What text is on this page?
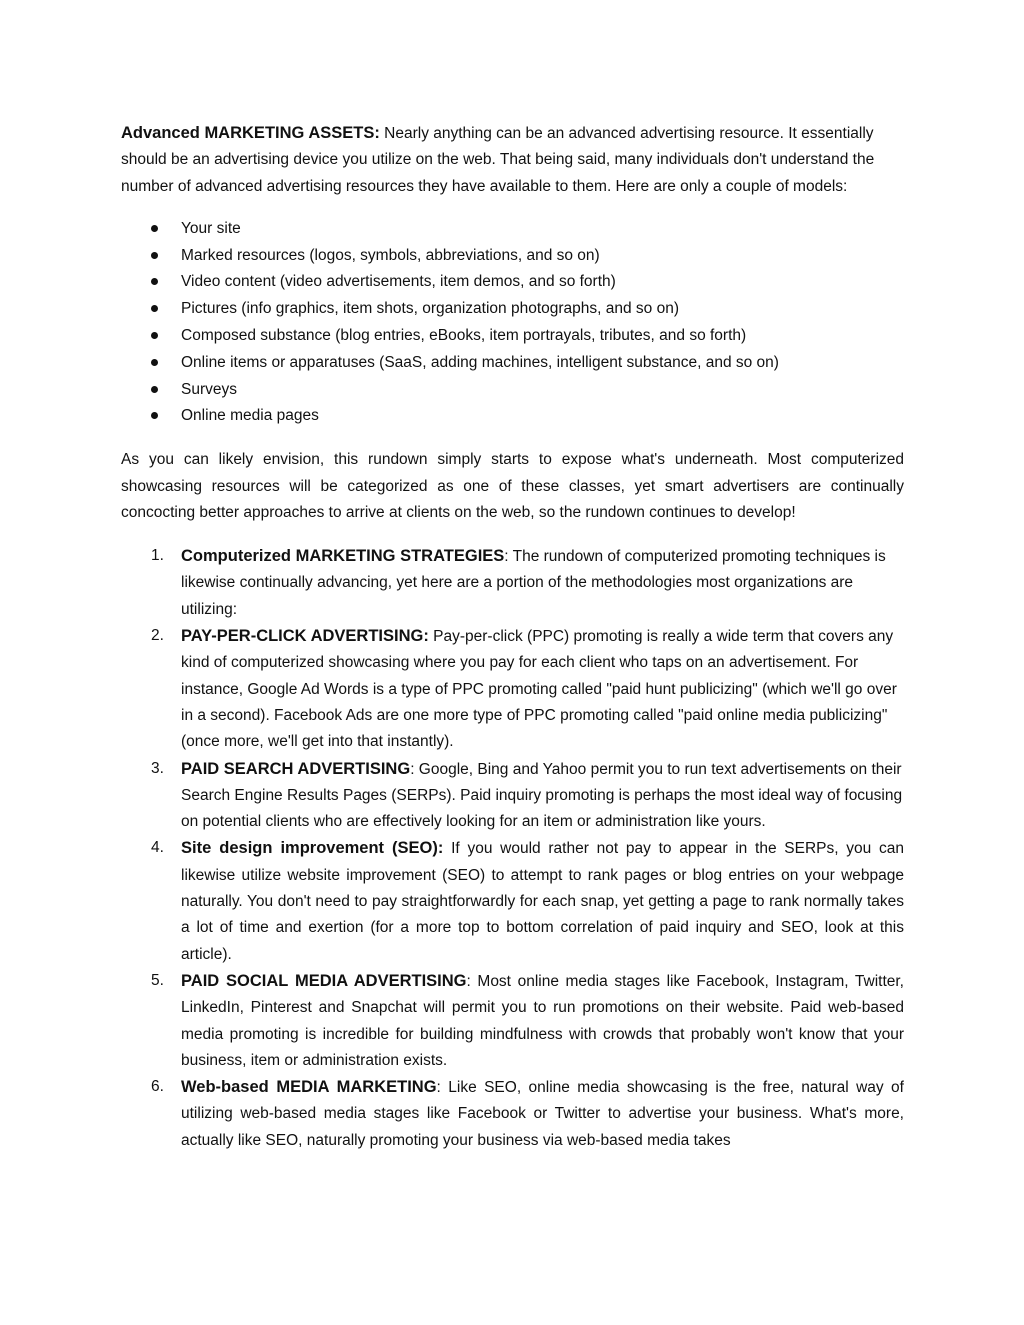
Advanced MARKETING ASSETS: Nearly anything can be an advanced advertising resource. It essentially should be an advertising device you utilize on the web. That being said, many individuals don't understand the number of advanced advertising resources they have available to them. Here are only a couple of models:

Your site
Marked resources (logos, symbols, abbreviations, and so on)
Video content (video advertisements, item demos, and so forth)
Pictures (info graphics, item shots, organization photographs, and so on)
Composed substance (blog entries, eBooks, item portrayals, tributes, and so forth)
Online items or apparatuses (SaaS, adding machines, intelligent substance, and so on)
Surveys
Online media pages

As you can likely envision, this rundown simply starts to expose what's underneath. Most computerized showcasing resources will be categorized as one of these classes, yet smart advertisers are continually concocting better approaches to arrive at clients on the web, so the rundown continues to develop!

1. Computerized MARKETING STRATEGIES: The rundown of computerized promoting techniques is likewise continually advancing, yet here are a portion of the methodologies most organizations are utilizing:
2. PAY-PER-CLICK ADVERTISING: Pay-per-click (PPC) promoting is really a wide term that covers any kind of computerized showcasing where you pay for each client who taps on an advertisement. For instance, Google Ad Words is a type of PPC promoting called "paid hunt publicizing" (which we'll go over in a second). Facebook Ads are one more type of PPC promoting called "paid online media publicizing" (once more, we'll get into that instantly).
3. PAID SEARCH ADVERTISING: Google, Bing and Yahoo permit you to run text advertisements on their Search Engine Results Pages (SERPs). Paid inquiry promoting is perhaps the most ideal way of focusing on potential clients who are effectively looking for an item or administration like yours.
4. Site design improvement (SEO): If you would rather not pay to appear in the SERPs, you can likewise utilize website improvement (SEO) to attempt to rank pages or blog entries on your webpage naturally. You don't need to pay straightforwardly for each snap, yet getting a page to rank normally takes a lot of time and exertion (for a more top to bottom correlation of paid inquiry and SEO, look at this article).
5. PAID SOCIAL MEDIA ADVERTISING: Most online media stages like Facebook, Instagram, Twitter, LinkedIn, Pinterest and Snapchat will permit you to run promotions on their website. Paid web-based media promoting is incredible for building mindfulness with crowds that probably won't know that your business, item or administration exists.
6. Web-based MEDIA MARKETING: Like SEO, online media showcasing is the free, natural way of utilizing web-based media stages like Facebook or Twitter to advertise your business. What's more, actually like SEO, naturally promoting your business via web-based media takes
